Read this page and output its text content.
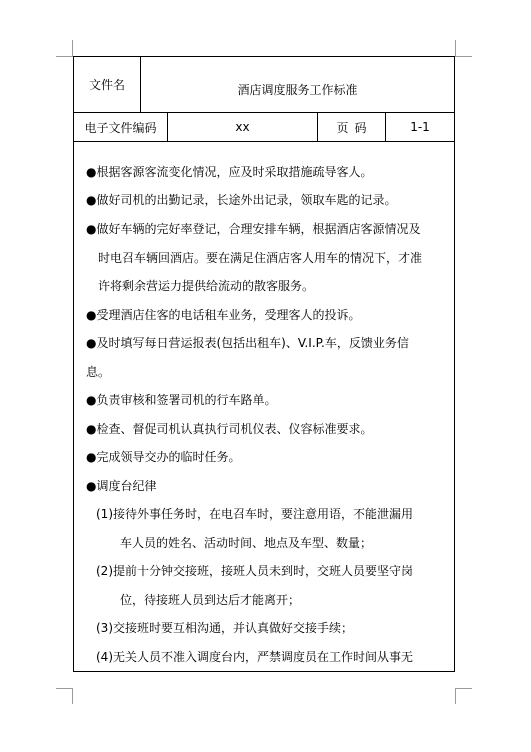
文件名	酒店调度服务工作标准
电子文件编码	xx	页码	1-1
●根据客源客流变化情况，应及时采取措施疏导客人。
●做好司机的出勤记录，长途外出记录，领取车匙的记录。
●做好车辆的完好率登记，合理安排车辆，根据酒店客源情况及
时电召车辆回酒店。要在满足住酒店客人用车的情况下，才准
许将剩余营运力提供给流动的散客服务。
●受理酒店住客的电话租车业务，受理客人的投诉。
●及时填写每日营运报表(包括出租车)、V.I.P.车，反馈业务信
息。
●负责审核和签署司机的行车路单。
●检查、督促司机认真执行司机仪表、仪容标准要求。
●完成领导交办的临时任务。
●调度台纪律
(1)接待外事任务时，在电召车时，要注意用语，不能泄漏用
车人员的姓名、活动时间、地点及车型、数量；
(2)提前十分钟交接班，接班人员未到时，交班人员要坚守岗
位，待接班人员到达后才能离开；
(3)交接班时要互相沟通，并认真做好交接手续；
(4)无关人员不准入调度台内，严禁调度员在工作时间从事无
